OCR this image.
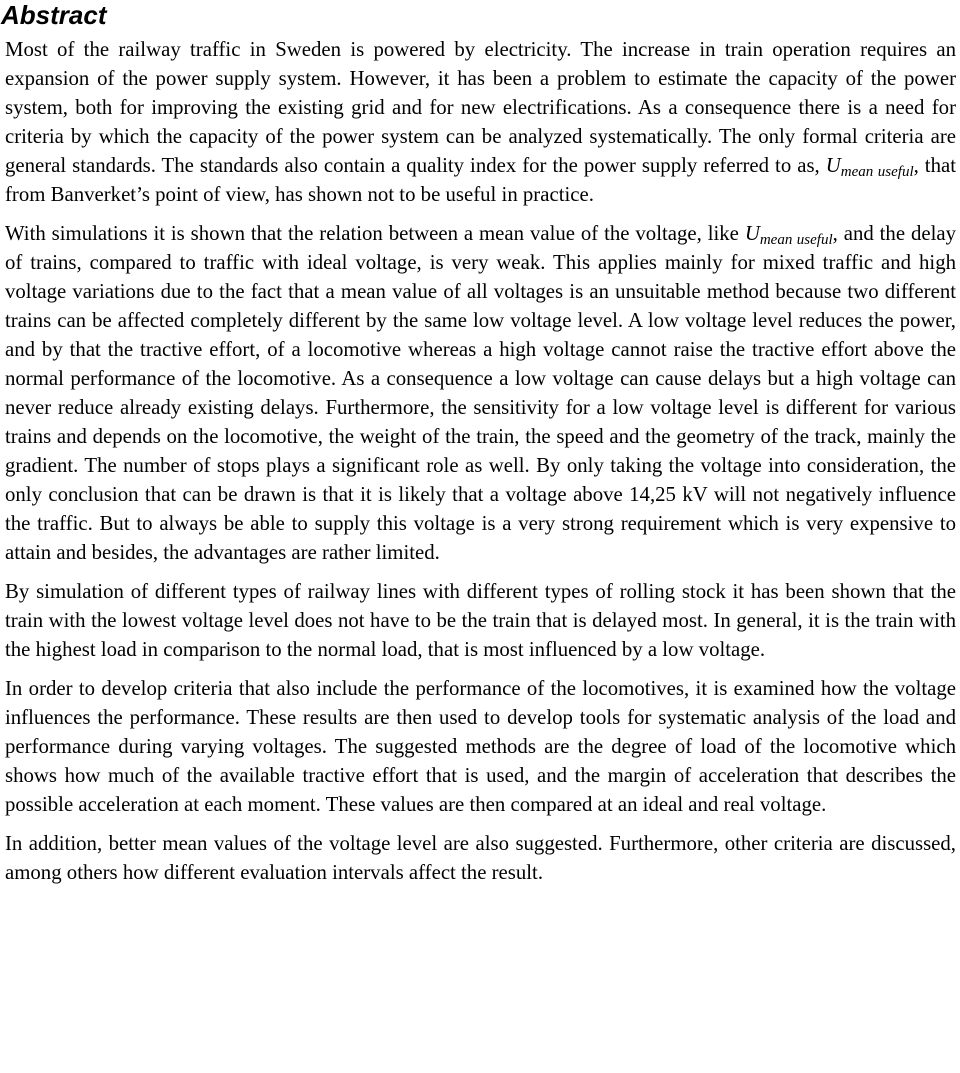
Abstract

Most of the railway traffic in Sweden is powered by electricity. The increase in train operation requires an expansion of the power supply system. However, it has been a problem to estimate the capacity of the power system, both for improving the existing grid and for new electrifications. As a consequence there is a need for criteria by which the capacity of the power system can be analyzed systematically. The only formal criteria are general standards. The standards also contain a quality index for the power supply referred to as, $U_{mean useful}$, that from Banverket’s point of view, has shown not to be useful in practice.

With simulations it is shown that the relation between a mean value of the voltage, like $U_{mean useful}$, and the delay of trains, compared to traffic with ideal voltage, is very weak. This applies mainly for mixed traffic and high voltage variations due to the fact that a mean value of all voltages is an unsuitable method because two different trains can be affected completely different by the same low voltage level. A low voltage level reduces the power, and by that the tractive effort, of a locomotive whereas a high voltage cannot raise the tractive effort above the normal performance of the locomotive. As a consequence a low voltage can cause delays but a high voltage can never reduce already existing delays. Furthermore, the sensitivity for a low voltage level is different for various trains and depends on the locomotive, the weight of the train, the speed and the geometry of the track, mainly the gradient. The number of stops plays a significant role as well. By only taking the voltage into consideration, the only conclusion that can be drawn is that it is likely that a voltage above 14,25 kV will not negatively influence the traffic. But to always be able to supply this voltage is a very strong requirement which is very expensive to attain and besides, the advantages are rather limited.

By simulation of different types of railway lines with different types of rolling stock it has been shown that the train with the lowest voltage level does not have to be the train that is delayed most. In general, it is the train with the highest load in comparison to the normal load, that is most influenced by a low voltage.

In order to develop criteria that also include the performance of the locomotives, it is examined how the voltage influences the performance. These results are then used to develop tools for systematic analysis of the load and performance during varying voltages. The suggested methods are the degree of load of the locomotive which shows how much of the available tractive effort that is used, and the margin of acceleration that describes the possible acceleration at each moment. These values are then compared at an ideal and real voltage.

In addition, better mean values of the voltage level are also suggested. Furthermore, other criteria are discussed, among others how different evaluation intervals affect the result.
